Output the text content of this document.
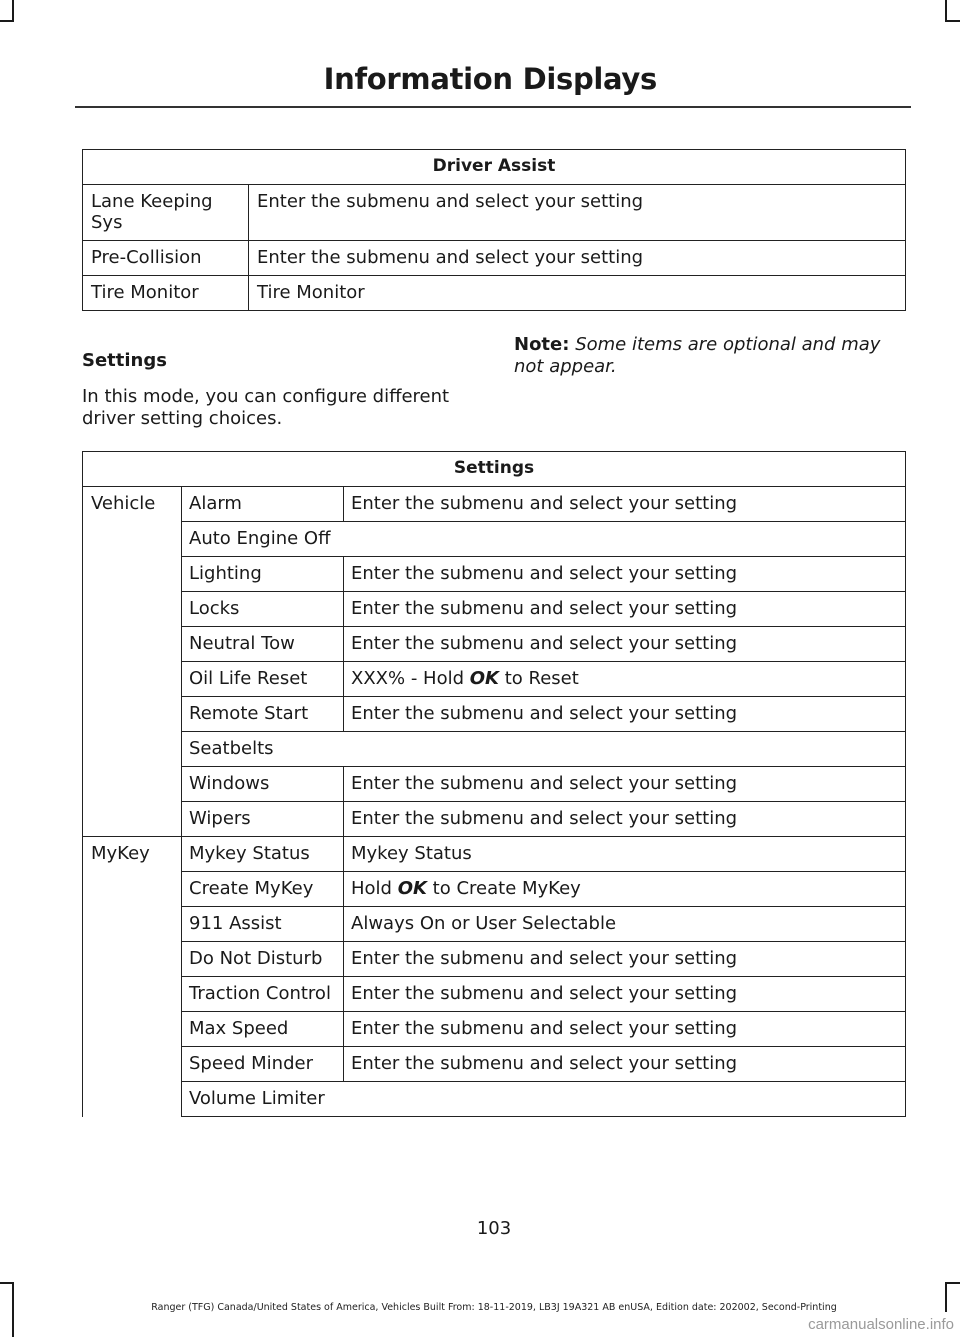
Information Displays
Driver Assist	
Lane Keeping Sys	Enter the submenu and select your setting
Pre-Collision	Enter the submenu and select your setting
Tire Monitor	Tire Monitor
Settings
In this mode, you can configure different driver setting choices.
Note: Some items are optional and may not appear.
Settings		
Vehicle	Alarm	Enter the submenu and select your setting
	Auto Engine Off	
	Lighting	Enter the submenu and select your setting
	Locks	Enter the submenu and select your setting
	Neutral Tow	Enter the submenu and select your setting
	Oil Life Reset	XXX% - Hold OK to Reset
	Remote Start	Enter the submenu and select your setting
	Seatbelts	
	Windows	Enter the submenu and select your setting
	Wipers	Enter the submenu and select your setting
MyKey	Mykey Status	Mykey Status
	Create MyKey	Hold OK to Create MyKey
	911 Assist	Always On or User Selectable
	Do Not Disturb	Enter the submenu and select your setting
	Traction Control	Enter the submenu and select your setting
	Max Speed	Enter the submenu and select your setting
	Speed Minder	Enter the submenu and select your setting
	Volume Limiter	
103
Ranger (TFG) Canada/United States of America, Vehicles Built From: 18-11-2019, LB3J 19A321 AB enUSA, Edition date: 202002, Second-Printing
carmanualsonline.info
